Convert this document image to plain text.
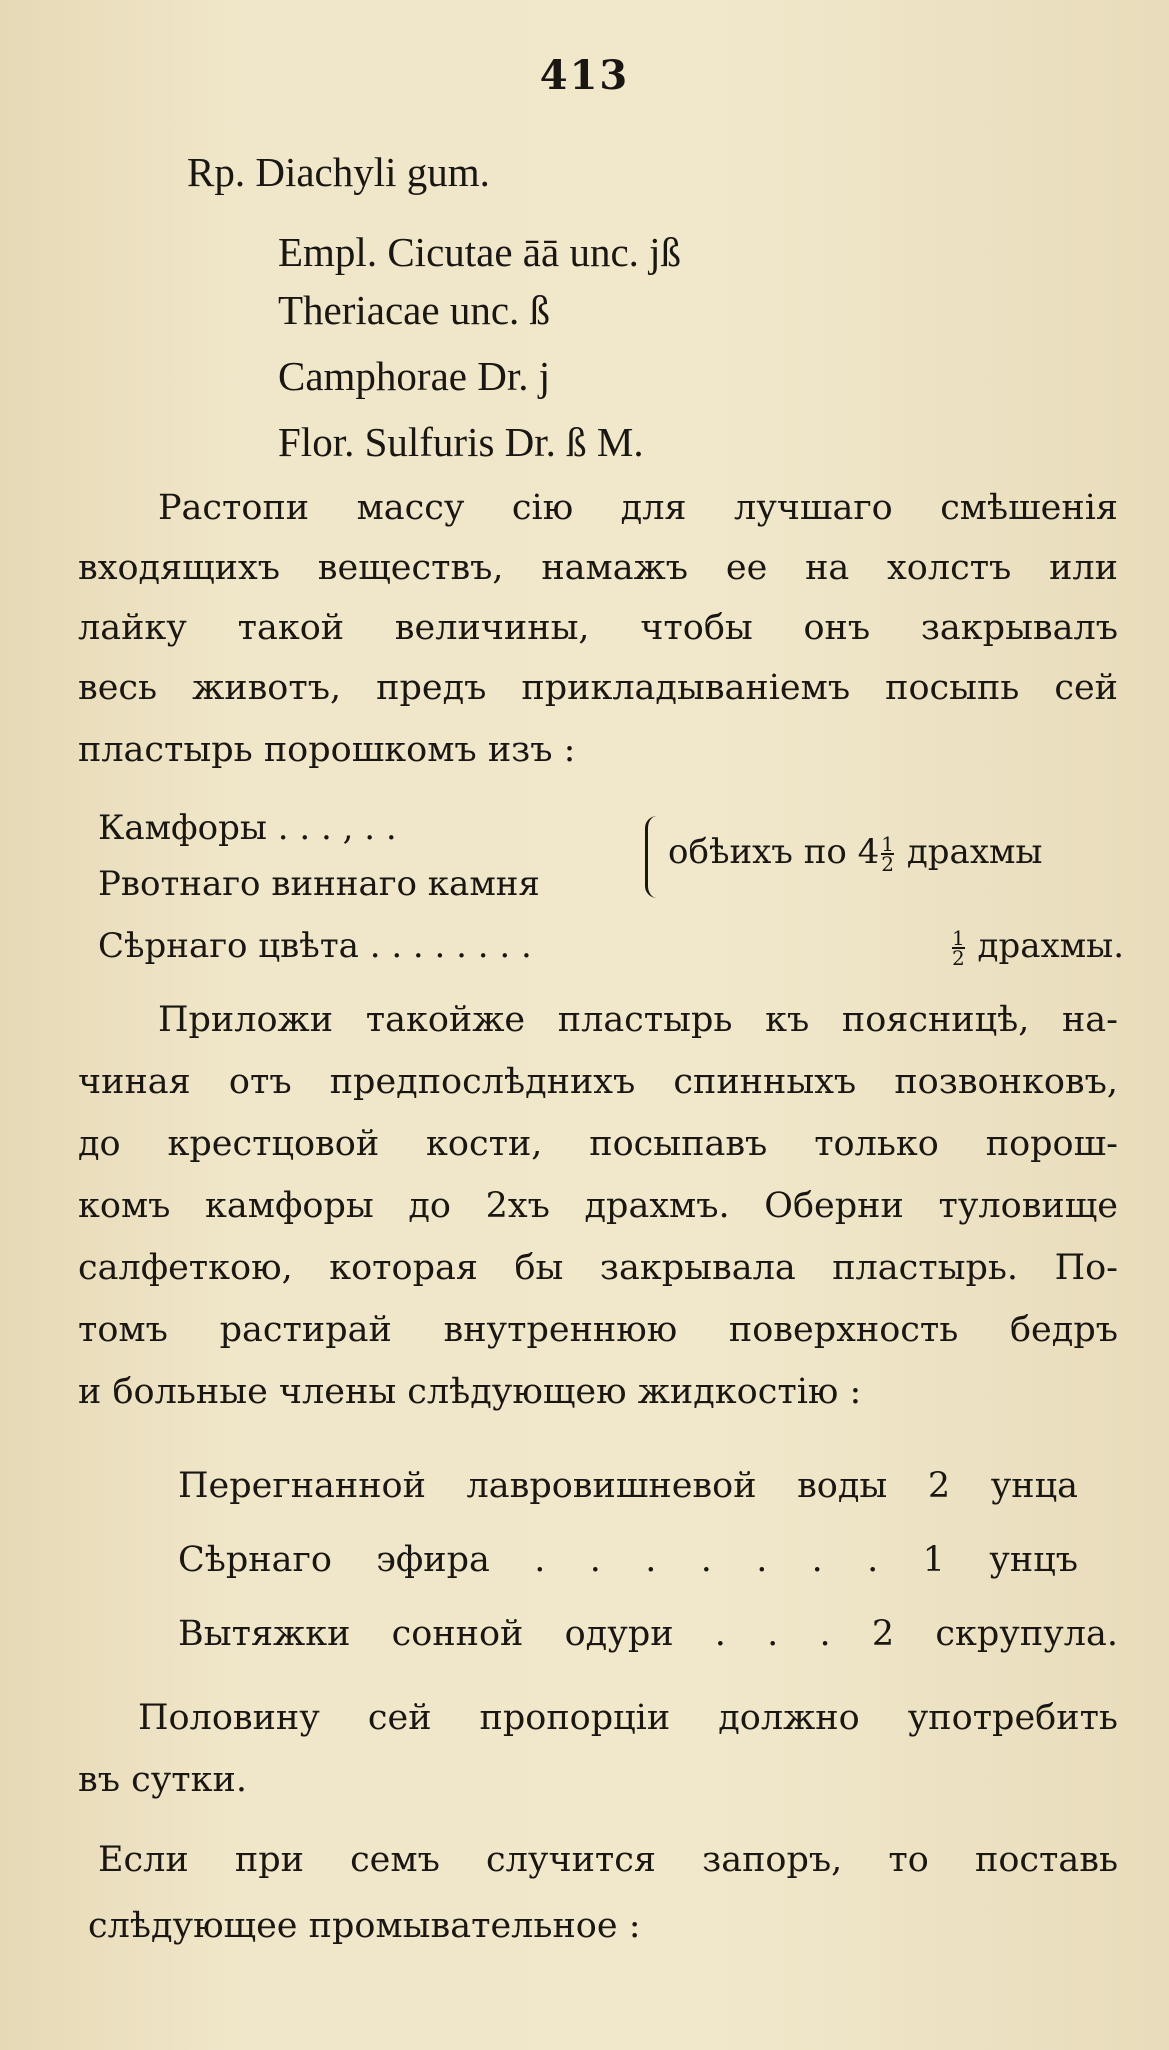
413
Rp. Diachyli gum.
Empl. Cicutae āā unc. jß
Theriacae unc. ß
Camphorae Dr. j
Flor. Sulfuris Dr. ß M.
Растопи массу сію для лучшаго смѣшенія
входящихъ веществъ, намажъ ее на холстъ или
лайку такой величины, чтобы онъ закрывалъ
весь животъ, предъ прикладываніемъ посыпь сей
пластырь порошкомъ изъ :
Камфоры . . . , . .
Рвотнаго виннаго камня
обѣихъ по $4 \frac{1}{2}$ драхмы
Сѣрнаго цвѣта . . . . . . . .	$\frac{1}{2}$ драхмы.
Приложи такойже пластырь къ поясницѣ, на-
чиная отъ предпослѣднихъ спинныхъ позвонковъ,
до крестцовой кости, посыпавъ только порош-
комъ камфоры до 2хъ драхмъ. Оберни туловище
салфеткою, которая бы закрывала пластырь. По-
томъ растирай внутреннюю поверхность бедръ
и больные члены слѣдующею жидкостію :
Перегнанной лавровишневой воды 2 унца
Сѣрнаго эфира . . . . . . . 1 унцъ
Вытяжки сонной одури . . . 2 скрупула.
Половину сей пропорціи должно употребить
въ сутки.
Если при семъ случится запоръ, то поставь
слѣдующее промывательное :
